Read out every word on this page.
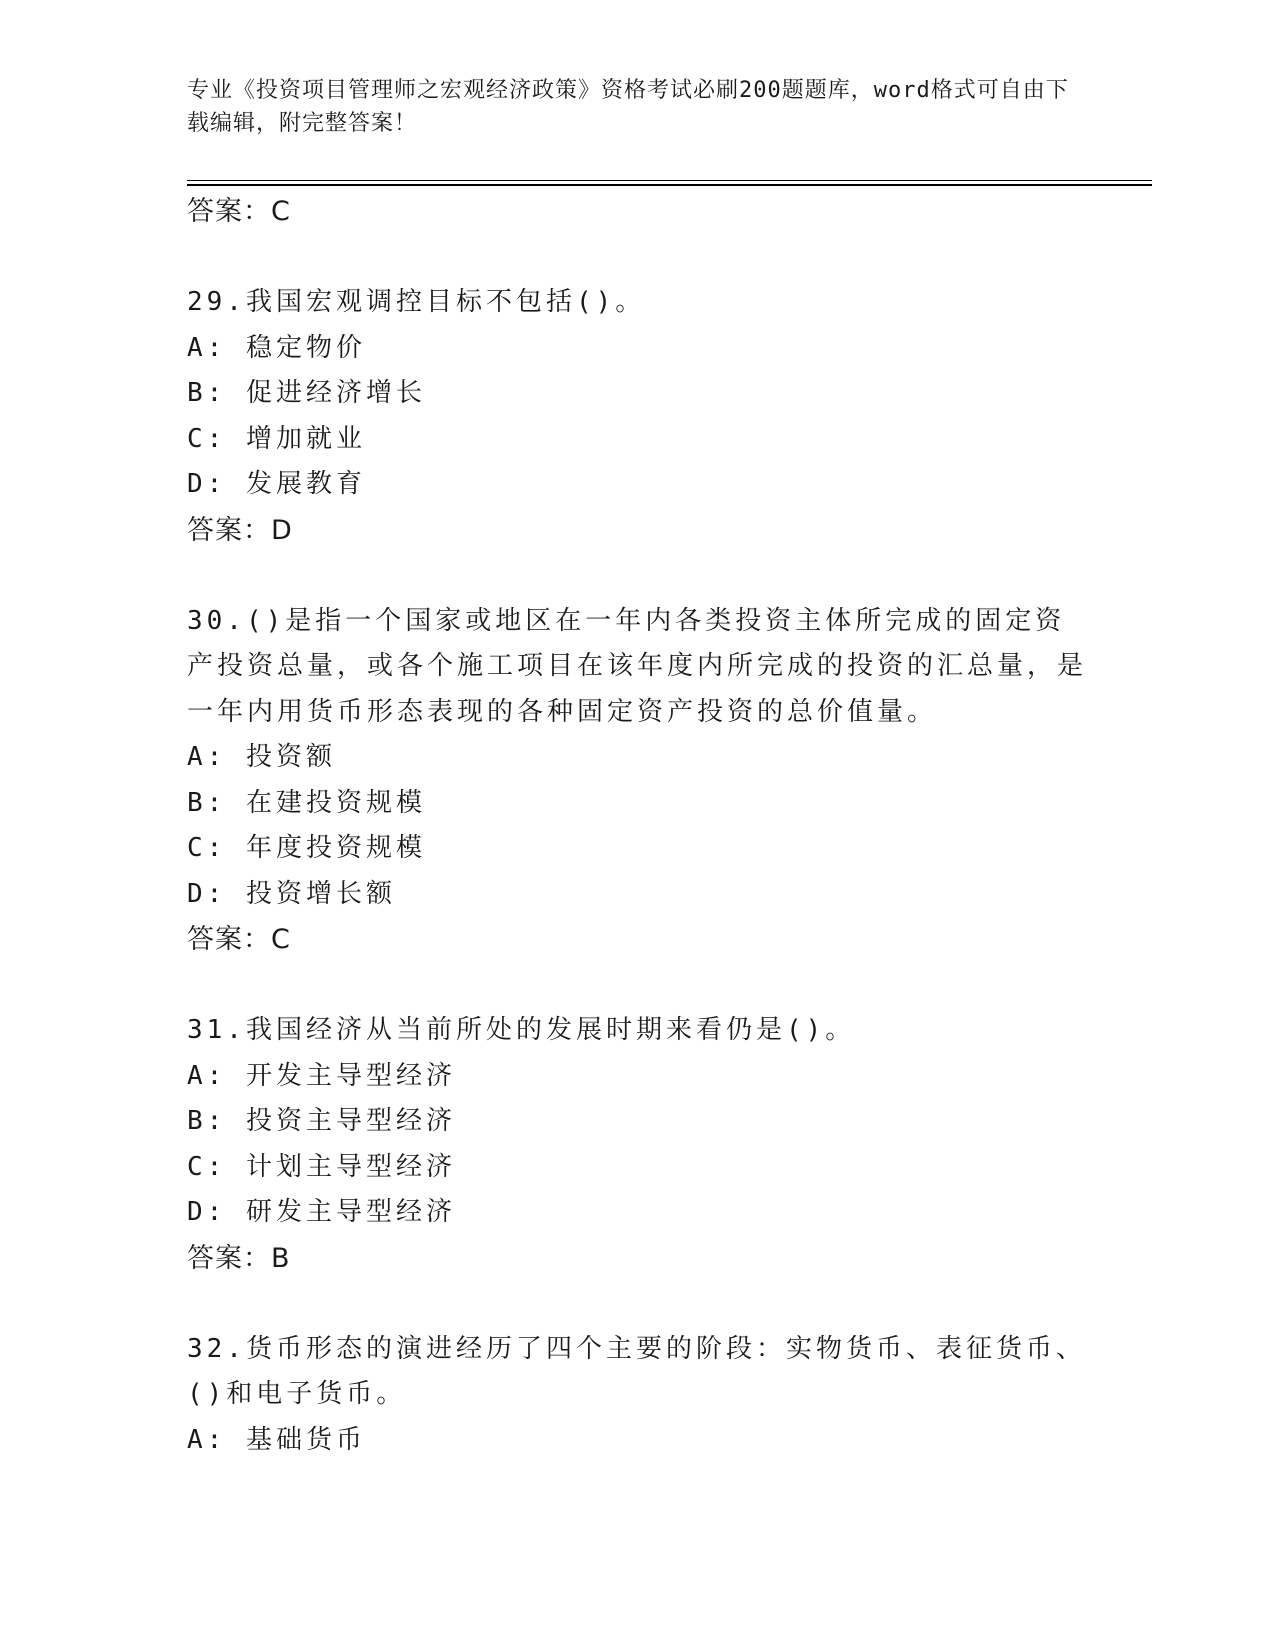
专业《投资项目管理师之宏观经济政策》资格考试必刷200题题库，word格式可自由下载编辑，附完整答案！
答案：C
29.我国宏观调控目标不包括()。
A: 稳定物价
B: 促进经济增长
C: 增加就业
D: 发展教育
答案：D
30.()是指一个国家或地区在一年内各类投资主体所完成的固定资产投资总量，或各个施工项目在该年度内所完成的投资的汇总量，是一年内用货币形态表现的各种固定资产投资的总价值量。
A: 投资额
B: 在建投资规模
C: 年度投资规模
D: 投资增长额
答案：C
31.我国经济从当前所处的发展时期来看仍是()。
A: 开发主导型经济
B: 投资主导型经济
C: 计划主导型经济
D: 研发主导型经济
答案：B
32.货币形态的演进经历了四个主要的阶段：实物货币、表征货币、()和电子货币。
A: 基础货币
